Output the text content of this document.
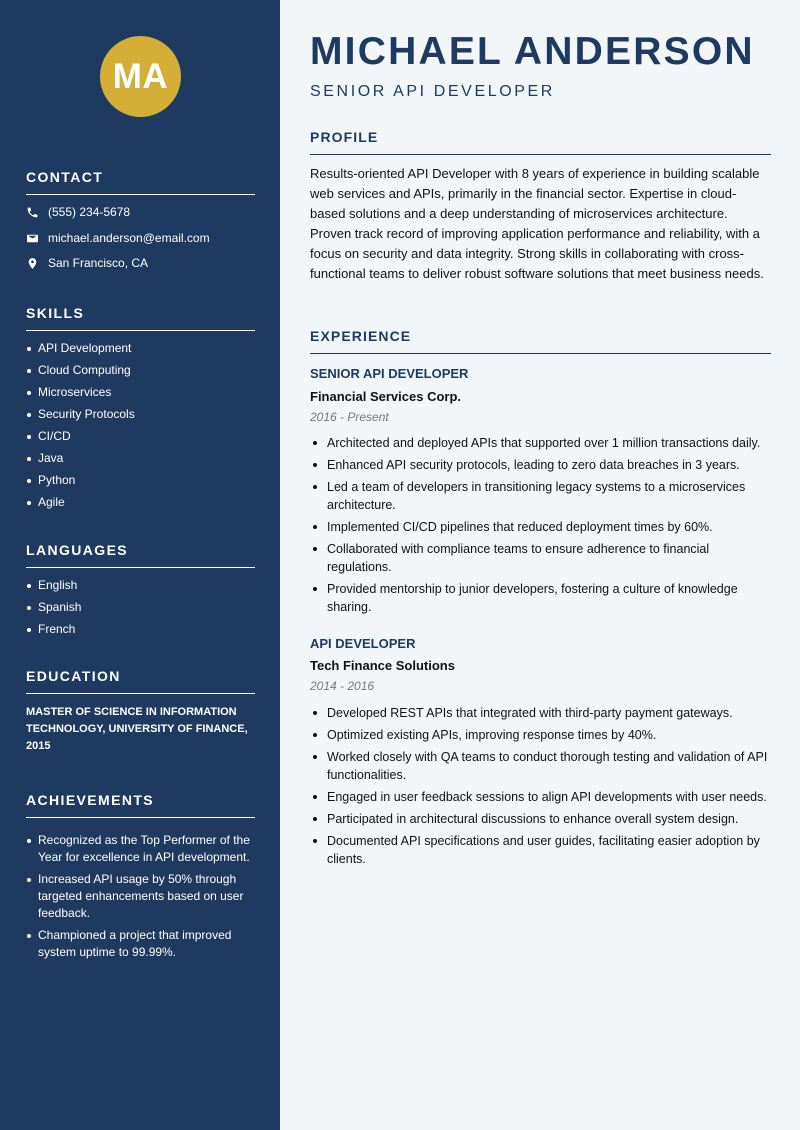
MA
CONTACT
(555) 234-5678
michael.anderson@email.com
San Francisco, CA
SKILLS
API Development
Cloud Computing
Microservices
Security Protocols
CI/CD
Java
Python
Agile
LANGUAGES
English
Spanish
French
EDUCATION
MASTER OF SCIENCE IN INFORMATION TECHNOLOGY, UNIVERSITY OF FINANCE, 2015
ACHIEVEMENTS
Recognized as the Top Performer of the Year for excellence in API development.
Increased API usage by 50% through targeted enhancements based on user feedback.
Championed a project that improved system uptime to 99.99%.
MICHAEL ANDERSON
SENIOR API DEVELOPER
PROFILE
Results-oriented API Developer with 8 years of experience in building scalable web services and APIs, primarily in the financial sector. Expertise in cloud-based solutions and a deep understanding of microservices architecture. Proven track record of improving application performance and reliability, with a focus on security and data integrity. Strong skills in collaborating with cross-functional teams to deliver robust software solutions that meet business needs.
EXPERIENCE
SENIOR API DEVELOPER
Financial Services Corp.
2016 - Present
Architected and deployed APIs that supported over 1 million transactions daily.
Enhanced API security protocols, leading to zero data breaches in 3 years.
Led a team of developers in transitioning legacy systems to a microservices architecture.
Implemented CI/CD pipelines that reduced deployment times by 60%.
Collaborated with compliance teams to ensure adherence to financial regulations.
Provided mentorship to junior developers, fostering a culture of knowledge sharing.
API DEVELOPER
Tech Finance Solutions
2014 - 2016
Developed REST APIs that integrated with third-party payment gateways.
Optimized existing APIs, improving response times by 40%.
Worked closely with QA teams to conduct thorough testing and validation of API functionalities.
Engaged in user feedback sessions to align API developments with user needs.
Participated in architectural discussions to enhance overall system design.
Documented API specifications and user guides, facilitating easier adoption by clients.
